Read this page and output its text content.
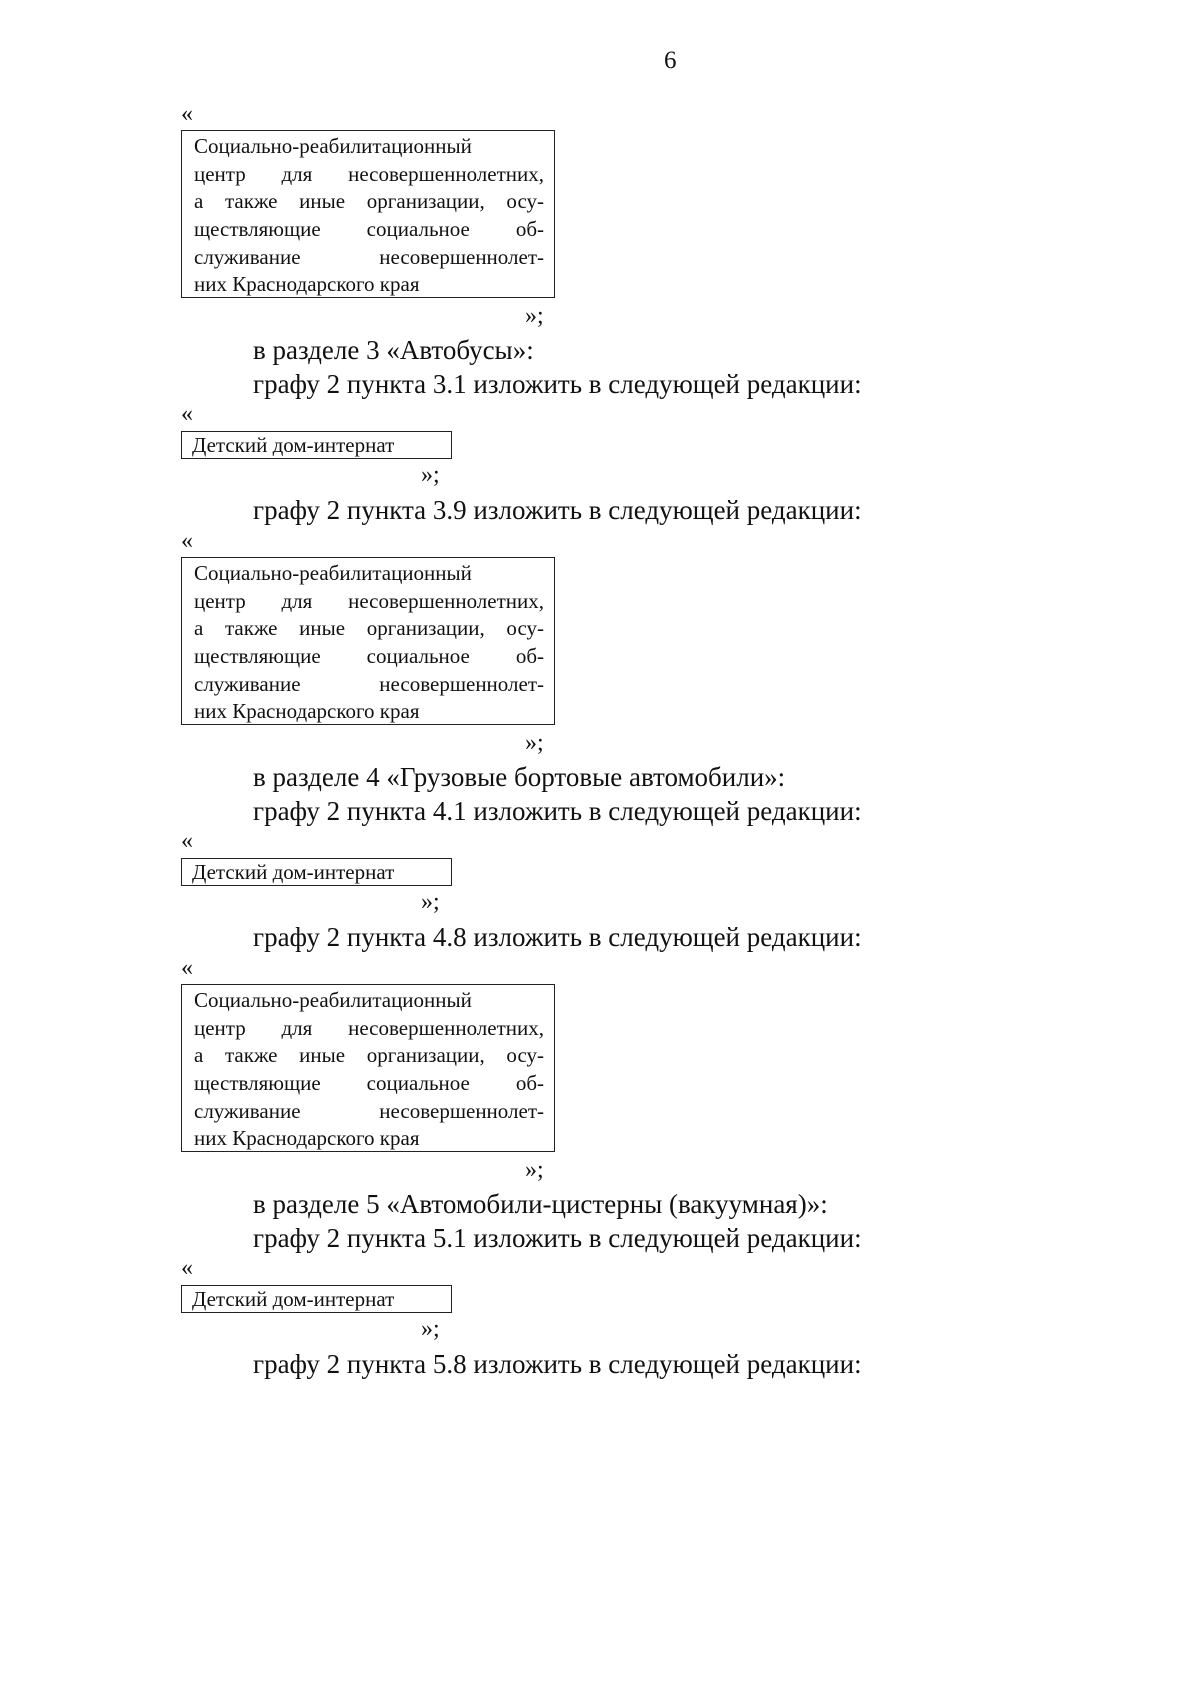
6
«
Социально-реабилитационный
центр для несовершеннолетних,
а также иные организации, осу-
ществляющие социальное об-
служивание несовершеннолет-
них Краснодарского края
»;
в разделе 3 «Автобусы»:
графу 2 пункта 3.1 изложить в следующей редакции:
«
Детский дом-интернат
»;
графу 2 пункта 3.9 изложить в следующей редакции:
«
Социально-реабилитационный
центр для несовершеннолетних,
а также иные организации, осу-
ществляющие социальное об-
служивание несовершеннолет-
них Краснодарского края
»;
в разделе 4 «Грузовые бортовые автомобили»:
графу 2 пункта 4.1 изложить в следующей редакции:
«
Детский дом-интернат
»;
графу 2 пункта 4.8 изложить в следующей редакции:
«
Социально-реабилитационный
центр для несовершеннолетних,
а также иные организации, осу-
ществляющие социальное об-
служивание несовершеннолет-
них Краснодарского края
»;
в разделе 5 «Автомобили-цистерны (вакуумная)»:
графу 2 пункта 5.1 изложить в следующей редакции:
«
Детский дом-интернат
»;
графу 2 пункта 5.8 изложить в следующей редакции:
